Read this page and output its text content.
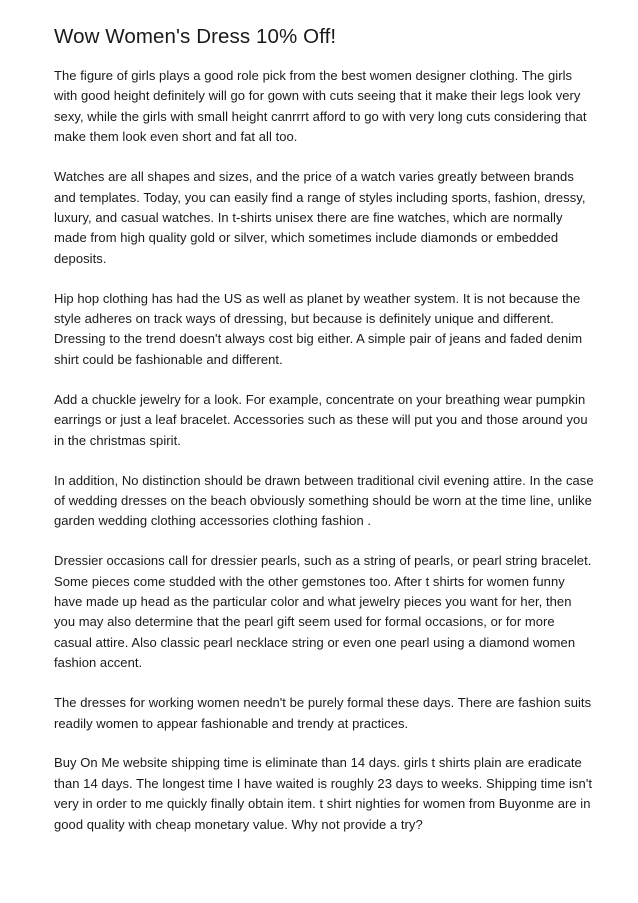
Wow Women's Dress 10% Off!

The figure of girls plays a good role pick from the best women designer clothing. The girls with good height definitely will go for gown with cuts seeing that it make their legs look very sexy, while the girls with small height canrrrt afford to go with very long cuts considering that make them look even short and fat all too.

Watches are all shapes and sizes, and the price of a watch varies greatly between brands and templates. Today, you can easily find a range of styles including sports, fashion, dressy, luxury, and casual watches. In t-shirts unisex there are fine watches, which are normally made from high quality gold or silver, which sometimes include diamonds or embedded deposits.

Hip hop clothing has had the US as well as planet by weather system. It is not because the style adheres on track ways of dressing, but because is definitely unique and different. Dressing to the trend doesn't always cost big either. A simple pair of jeans and faded denim shirt could be fashionable and different.

Add a chuckle jewelry for a look. For example, concentrate on your breathing wear pumpkin earrings or just a leaf bracelet. Accessories such as these will put you and those around you in the christmas spirit.

In addition, No distinction should be drawn between traditional civil evening attire. In the case of wedding dresses on the beach obviously something should be worn at the time line, unlike garden wedding clothing accessories clothing fashion .

Dressier occasions call for dressier pearls, such as a string of pearls, or pearl string bracelet. Some pieces come studded with the other gemstones too. After t shirts for women funny have made up head as the particular color and what jewelry pieces you want for her, then you may also determine that the pearl gift seem used for formal occasions, or for more casual attire. Also classic pearl necklace string or even one pearl using a diamond women fashion accent.

The dresses for working women needn't be purely formal these days. There are fashion suits readily women to appear fashionable and trendy at practices.

Buy On Me website shipping time is eliminate than 14 days. girls t shirts plain are eradicate than 14 days. The longest time I have waited is roughly 23 days to weeks. Shipping time isn't very in order to me quickly finally obtain item. t shirt nighties for women from Buyonme are in good quality with cheap monetary value. Why not provide a try?
